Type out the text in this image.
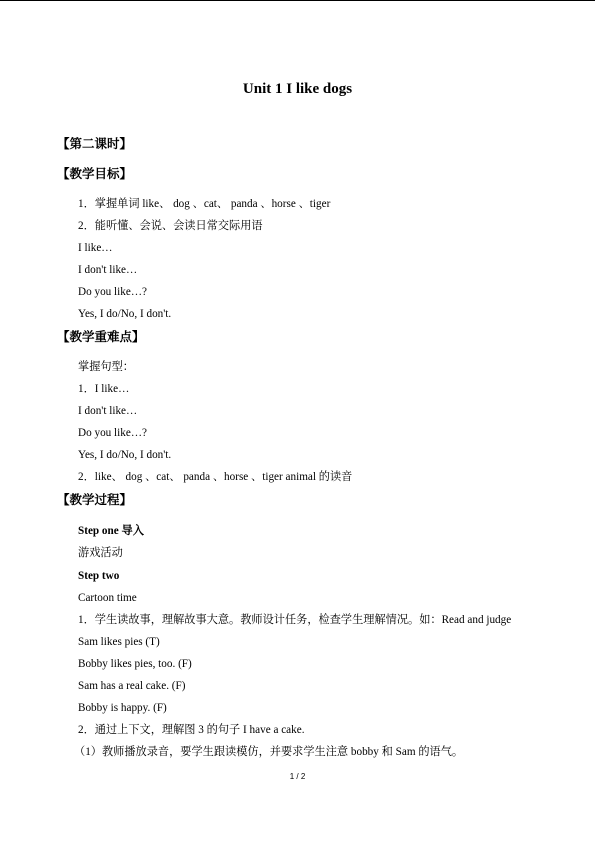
Unit 1 I like dogs
【第二课时】
【教学目标】
1．掌握单词 like、 dog 、cat、 panda 、horse 、tiger
2．能听懂、会说、会读日常交际用语
I like…
I don't like…
Do you like…?
Yes, I do/No, I don't.
【教学重难点】
掌握句型：
1．I like…
I don't like…
Do you like…?
Yes, I do/No, I don't.
2．like、 dog 、cat、 panda 、horse 、tiger animal 的读音
【教学过程】
Step one 导入
游戏活动
Step two
Cartoon time
1．学生读故事，理解故事大意。教师设计任务，检查学生理解情况。如：Read and judge
Sam likes pies (T)
Bobby likes pies, too. (F)
Sam has a real cake. (F)
Bobby is happy. (F)
2．通过上下文，理解图 3 的句子 I have a cake.
（1）教师播放录音，要学生跟读模仿，并要求学生注意 bobby 和 Sam 的语气。
1 / 2
